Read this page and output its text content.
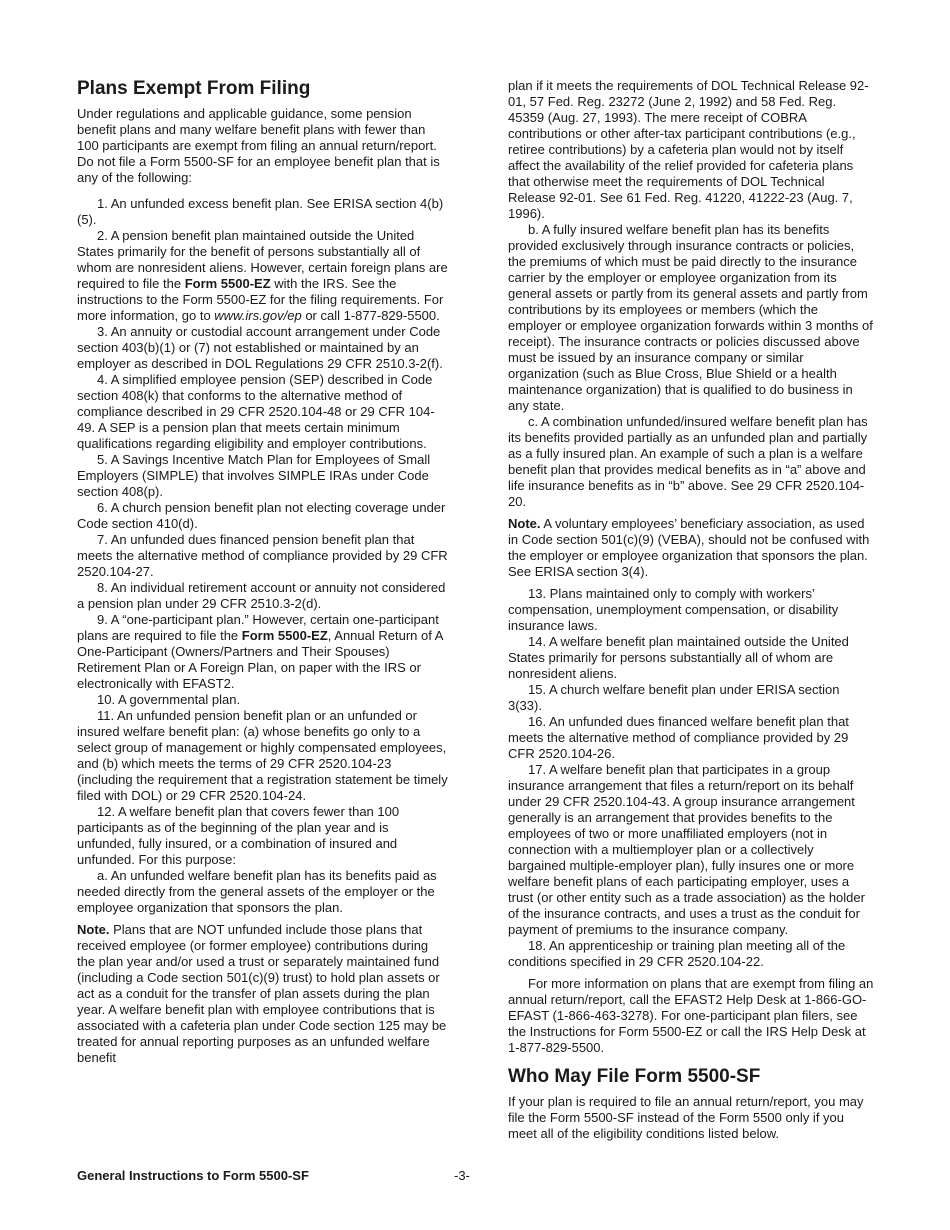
Plans Exempt From Filing

Under regulations and applicable guidance, some pension benefit plans and many welfare benefit plans with fewer than 100 participants are exempt from filing an annual return/report. Do not file a Form 5500-SF for an employee benefit plan that is any of the following:

1. An unfunded excess benefit plan. See ERISA section 4(b)(5).

2. A pension benefit plan maintained outside the United States primarily for the benefit of persons substantially all of whom are nonresident aliens. However, certain foreign plans are required to file the Form 5500-EZ with the IRS. See the instructions to the Form 5500-EZ for the filing requirements. For more information, go to www.irs.gov/ep or call 1-877-829-5500.

3. An annuity or custodial account arrangement under Code section 403(b)(1) or (7) not established or maintained by an employer as described in DOL Regulations 29 CFR 2510.3-2(f).

4. A simplified employee pension (SEP) described in Code section 408(k) that conforms to the alternative method of compliance described in 29 CFR 2520.104-48 or 29 CFR 104-49. A SEP is a pension plan that meets certain minimum qualifications regarding eligibility and employer contributions.

5. A Savings Incentive Match Plan for Employees of Small Employers (SIMPLE) that involves SIMPLE IRAs under Code section 408(p).

6. A church pension benefit plan not electing coverage under Code section 410(d).

7. An unfunded dues financed pension benefit plan that meets the alternative method of compliance provided by 29 CFR 2520.104-27.

8. An individual retirement account or annuity not considered a pension plan under 29 CFR 2510.3-2(d).

9. A “one-participant plan.” However, certain one-participant plans are required to file the Form 5500-EZ, Annual Return of A One-Participant (Owners/Partners and Their Spouses) Retirement Plan or A Foreign Plan, on paper with the IRS or electronically with EFAST2.

10. A governmental plan.

11. An unfunded pension benefit plan or an unfunded or insured welfare benefit plan: (a) whose benefits go only to a select group of management or highly compensated employees, and (b) which meets the terms of 29 CFR 2520.104-23 (including the requirement that a registration statement be timely filed with DOL) or 29 CFR 2520.104-24.

12. A welfare benefit plan that covers fewer than 100 participants as of the beginning of the plan year and is unfunded, fully insured, or a combination of insured and unfunded. For this purpose:

a. An unfunded welfare benefit plan has its benefits paid as needed directly from the general assets of the employer or the employee organization that sponsors the plan.

Note. Plans that are NOT unfunded include those plans that received employee (or former employee) contributions during the plan year and/or used a trust or separately maintained fund (including a Code section 501(c)(9) trust) to hold plan assets or act as a conduit for the transfer of plan assets during the plan year. A welfare benefit plan with employee contributions that is associated with a cafeteria plan under Code section 125 may be treated for annual reporting purposes as an unfunded welfare benefit

plan if it meets the requirements of DOL Technical Release 92-01, 57 Fed. Reg. 23272 (June 2, 1992) and 58 Fed. Reg. 45359 (Aug. 27, 1993). The mere receipt of COBRA contributions or other after-tax participant contributions (e.g., retiree contributions) by a cafeteria plan would not by itself affect the availability of the relief provided for cafeteria plans that otherwise meet the requirements of DOL Technical Release 92-01. See 61 Fed. Reg. 41220, 41222-23 (Aug. 7, 1996).

b. A fully insured welfare benefit plan has its benefits provided exclusively through insurance contracts or policies, the premiums of which must be paid directly to the insurance carrier by the employer or employee organization from its general assets or partly from its general assets and partly from contributions by its employees or members (which the employer or employee organization forwards within 3 months of receipt). The insurance contracts or policies discussed above must be issued by an insurance company or similar organization (such as Blue Cross, Blue Shield or a health maintenance organization) that is qualified to do business in any state.

c. A combination unfunded/insured welfare benefit plan has its benefits provided partially as an unfunded plan and partially as a fully insured plan. An example of such a plan is a welfare benefit plan that provides medical benefits as in “a” above and life insurance benefits as in “b” above. See 29 CFR 2520.104-20.

Note. A voluntary employees’ beneficiary association, as used in Code section 501(c)(9) (VEBA), should not be confused with the employer or employee organization that sponsors the plan. See ERISA section 3(4).

13. Plans maintained only to comply with workers’ compensation, unemployment compensation, or disability insurance laws.

14. A welfare benefit plan maintained outside the United States primarily for persons substantially all of whom are nonresident aliens.

15. A church welfare benefit plan under ERISA section 3(33).

16. An unfunded dues financed welfare benefit plan that meets the alternative method of compliance provided by 29 CFR 2520.104-26.

17. A welfare benefit plan that participates in a group insurance arrangement that files a return/report on its behalf under 29 CFR 2520.104-43. A group insurance arrangement generally is an arrangement that provides benefits to the employees of two or more unaffiliated employers (not in connection with a multiemployer plan or a collectively bargained multiple-employer plan), fully insures one or more welfare benefit plans of each participating employer, uses a trust (or other entity such as a trade association) as the holder of the insurance contracts, and uses a trust as the conduit for payment of premiums to the insurance company.

18. An apprenticeship or training plan meeting all of the conditions specified in 29 CFR 2520.104-22.

For more information on plans that are exempt from filing an annual return/report, call the EFAST2 Help Desk at 1-866-GO-EFAST (1-866-463-3278). For one-participant plan filers, see the Instructions for Form 5500-EZ or call the IRS Help Desk at 1-877-829-5500.

Who May File Form 5500-SF

If your plan is required to file an annual return/report, you may file the Form 5500-SF instead of the Form 5500 only if you meet all of the eligibility conditions listed below.

General Instructions to Form 5500-SF	-3-
